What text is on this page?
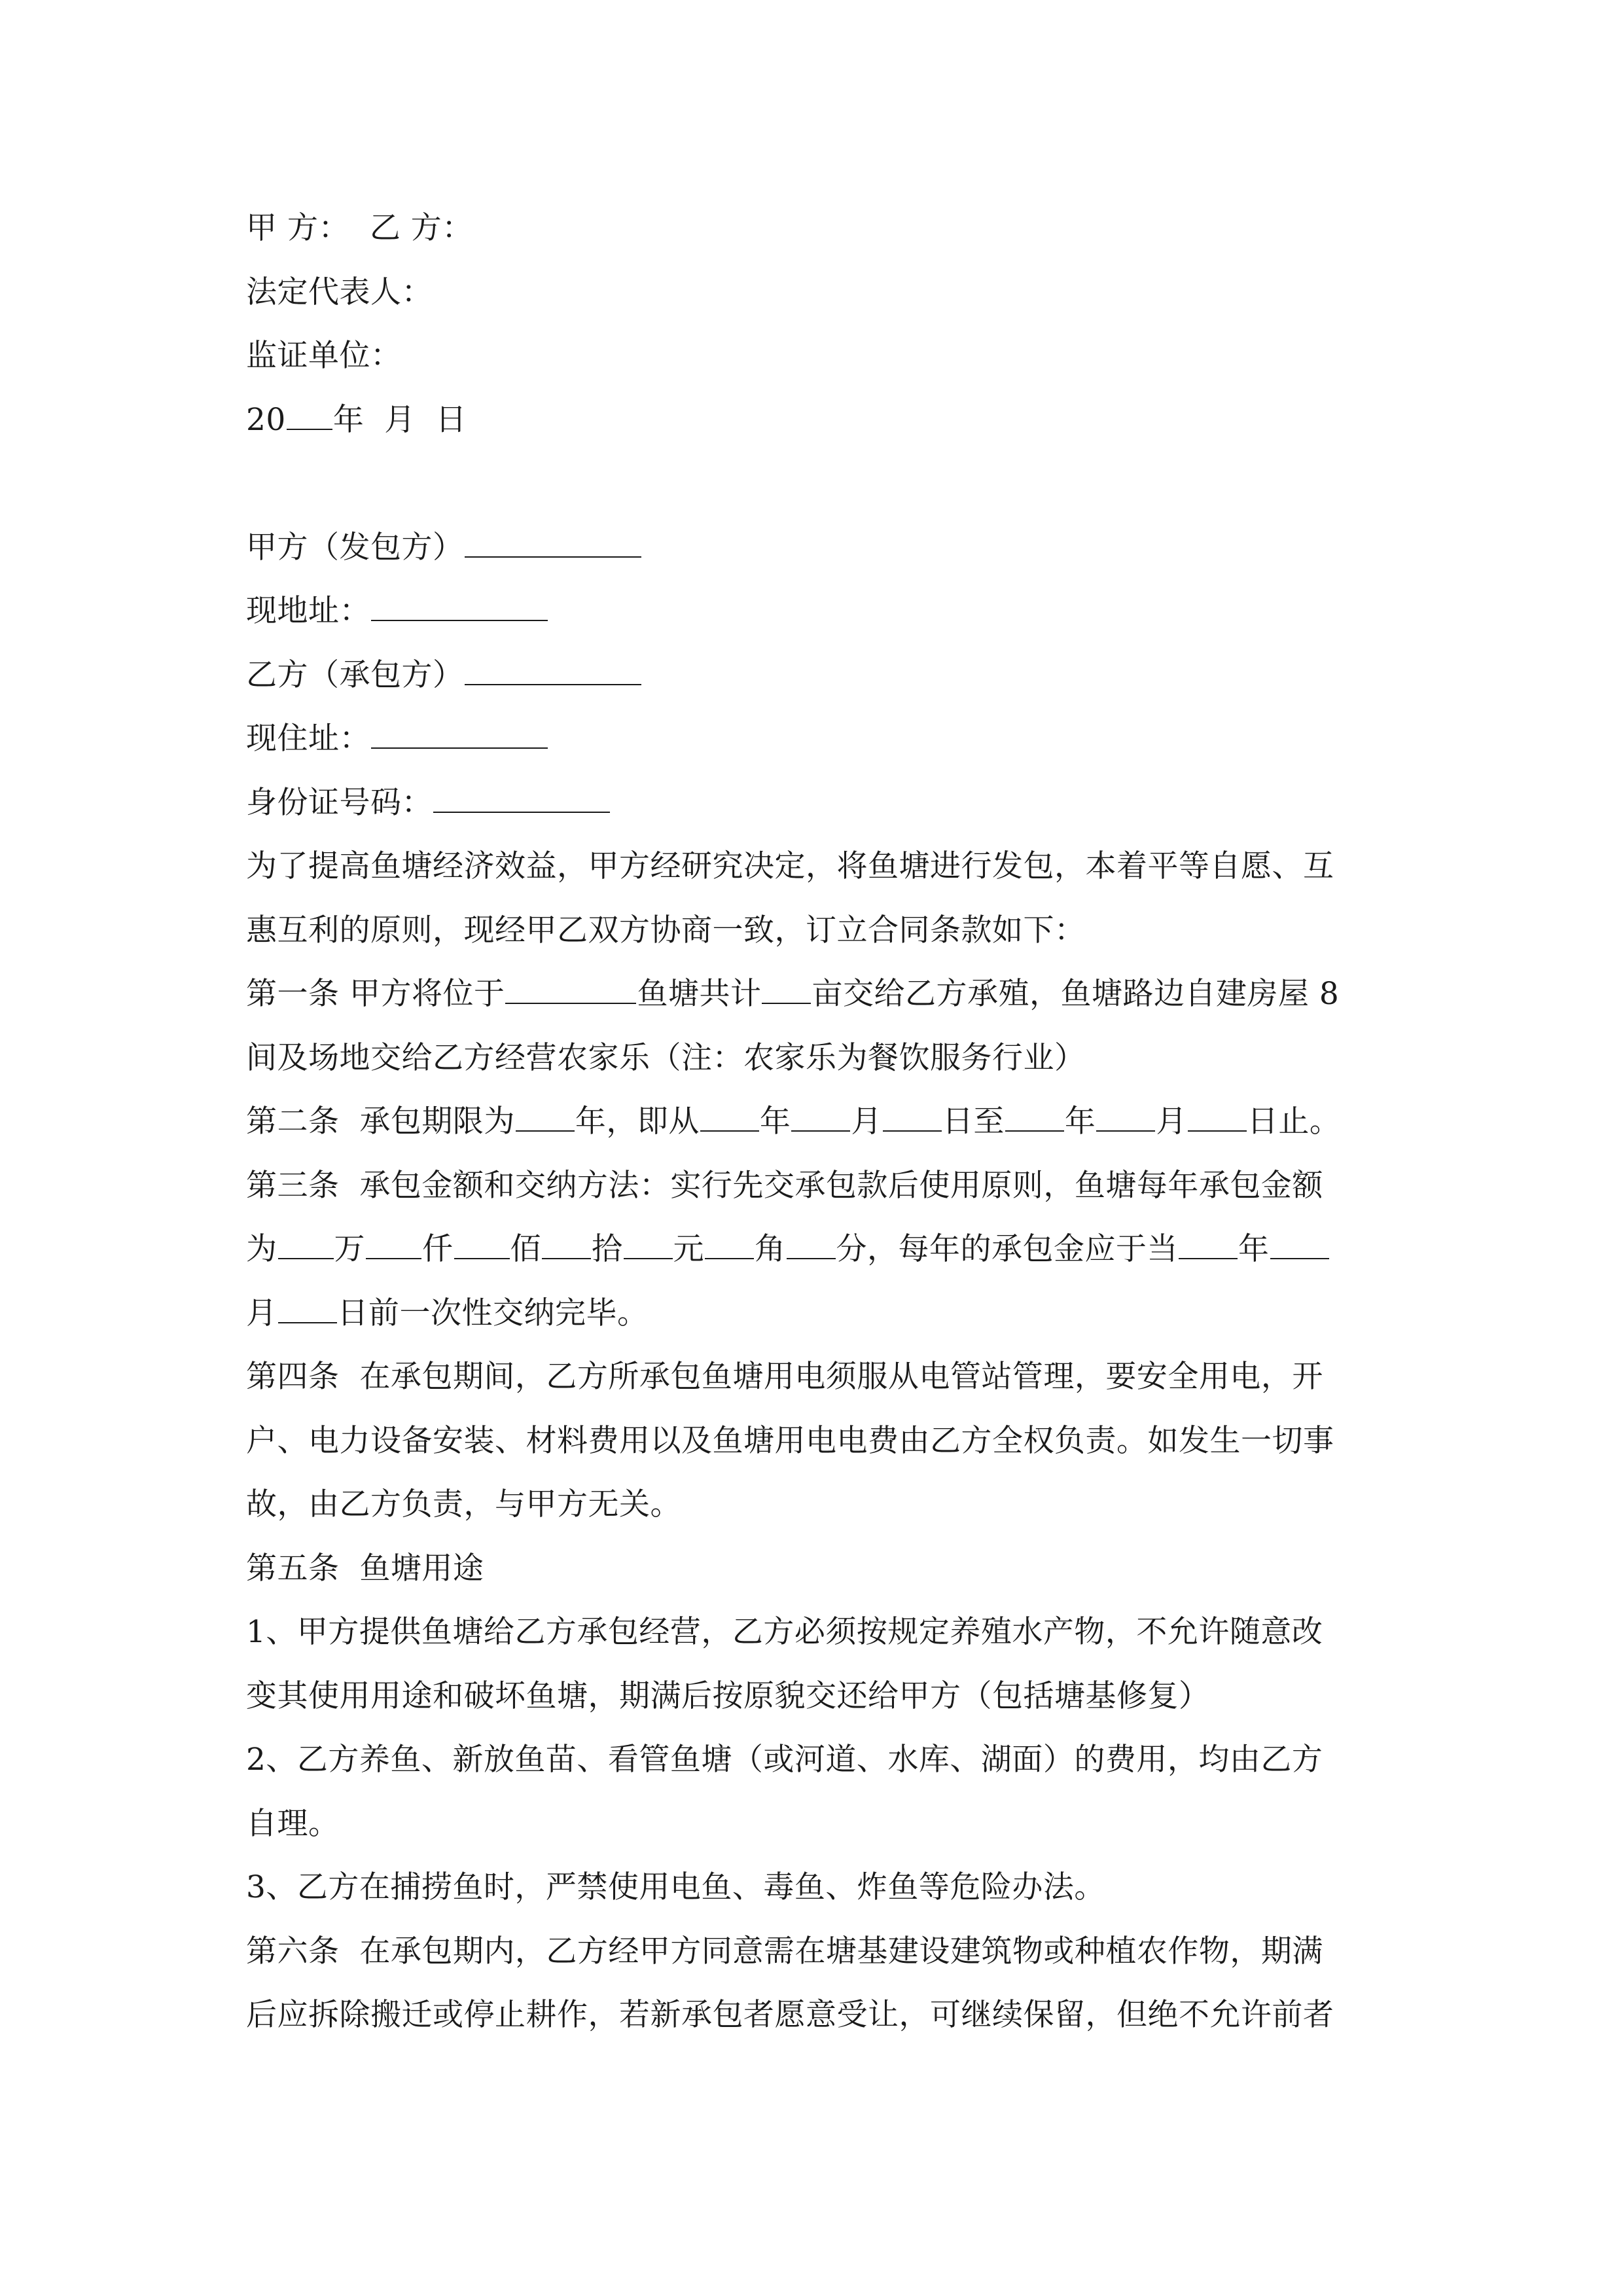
甲 方：  乙 方：
法定代表人：
监证单位：
20 年  月  日
甲方（发包方）
现地址：
乙方（承包方）
现住址：
身份证号码：
为了提高鱼塘经济效益，甲方经研究决定，将鱼塘进行发包，本着平等自愿、互
惠互利的原则，现经甲乙双方协商一致，订立合同条款如下：
第一条 甲方将位于	鱼塘共计 亩交给乙方承殖，鱼塘路边自建房屋 8
间及场地交给乙方经营农家乐（注：农家乐为餐饮服务行业）
第二条  承包期限为 年，即从 年 月 日至 年 月 日止。
第三条  承包金额和交纳方法：实行先交承包款后使用原则，鱼塘每年承包金额
为 万 仟 佰 拾 元 角 分，每年的承包金应于当 年
月 日前一次性交纳完毕。
第四条  在承包期间，乙方所承包鱼塘用电须服从电管站管理，要安全用电，开
户、电力设备安装、材料费用以及鱼塘用电电费由乙方全权负责。如发生一切事
故，由乙方负责，与甲方无关。
第五条  鱼塘用途
1、甲方提供鱼塘给乙方承包经营，乙方必须按规定养殖水产物，不允许随意改
变其使用用途和破坏鱼塘，期满后按原貌交还给甲方（包括塘基修复）
2、乙方养鱼、新放鱼苗、看管鱼塘（或河道、水库、湖面）的费用，均由乙方
自理。
3、乙方在捕捞鱼时，严禁使用电鱼、毒鱼、炸鱼等危险办法。
第六条  在承包期内，乙方经甲方同意需在塘基建设建筑物或种植农作物，期满
后应拆除搬迁或停止耕作，若新承包者愿意受让，可继续保留，但绝不允许前者
